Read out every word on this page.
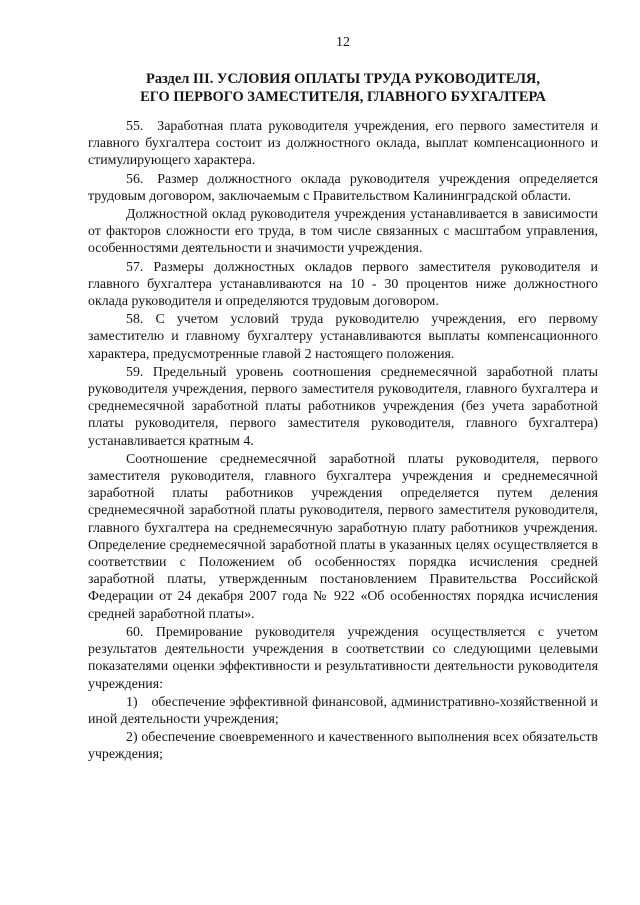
12
Раздел III. УСЛОВИЯ ОПЛАТЫ ТРУДА РУКОВОДИТЕЛЯ,
ЕГО ПЕРВОГО ЗАМЕСТИТЕЛЯ, ГЛАВНОГО БУХГАЛТЕРА

55. Заработная плата руководителя учреждения, его первого заместителя и главного бухгалтера состоит из должностного оклада, выплат компенсационного и стимулирующего характера.

56. Размер должностного оклада руководителя учреждения определяется трудовым договором, заключаемым с Правительством Калининградской области.

Должностной оклад руководителя учреждения устанавливается в зависимости от факторов сложности его труда, в том числе связанных с масштабом управления, особенностями деятельности и значимости учреждения.

57. Размеры должностных окладов первого заместителя руководителя и главного бухгалтера устанавливаются на 10 - 30 процентов ниже должностного оклада руководителя и определяются трудовым договором.

58. С учетом условий труда руководителю учреждения, его первому заместителю и главному бухгалтеру устанавливаются выплаты компенсационного характера, предусмотренные главой 2 настоящего положения.

59. Предельный уровень соотношения среднемесячной заработной платы руководителя учреждения, первого заместителя руководителя, главного бухгалтера и среднемесячной заработной платы работников учреждения (без учета заработной платы руководителя, первого заместителя руководителя, главного бухгалтера) устанавливается кратным 4.

Соотношение среднемесячной заработной платы руководителя, первого заместителя руководителя, главного бухгалтера учреждения и среднемесячной заработной платы работников учреждения определяется путем деления среднемесячной заработной платы руководителя, первого заместителя руководителя, главного бухгалтера на среднемесячную заработную плату работников учреждения. Определение среднемесячной заработной платы в указанных целях осуществляется в соответствии с Положением об особенностях порядка исчисления средней заработной платы, утвержденным постановлением Правительства Российской Федерации от 24 декабря 2007 года № 922 «Об особенностях порядка исчисления средней заработной платы».

60. Премирование руководителя учреждения осуществляется с учетом результатов деятельности учреждения в соответствии со следующими целевыми показателями оценки эффективности и результативности деятельности руководителя учреждения:

1) обеспечение эффективной финансовой, административно-хозяйственной и иной деятельности учреждения;

2) обеспечение своевременного и качественного выполнения всех обязательств учреждения;
